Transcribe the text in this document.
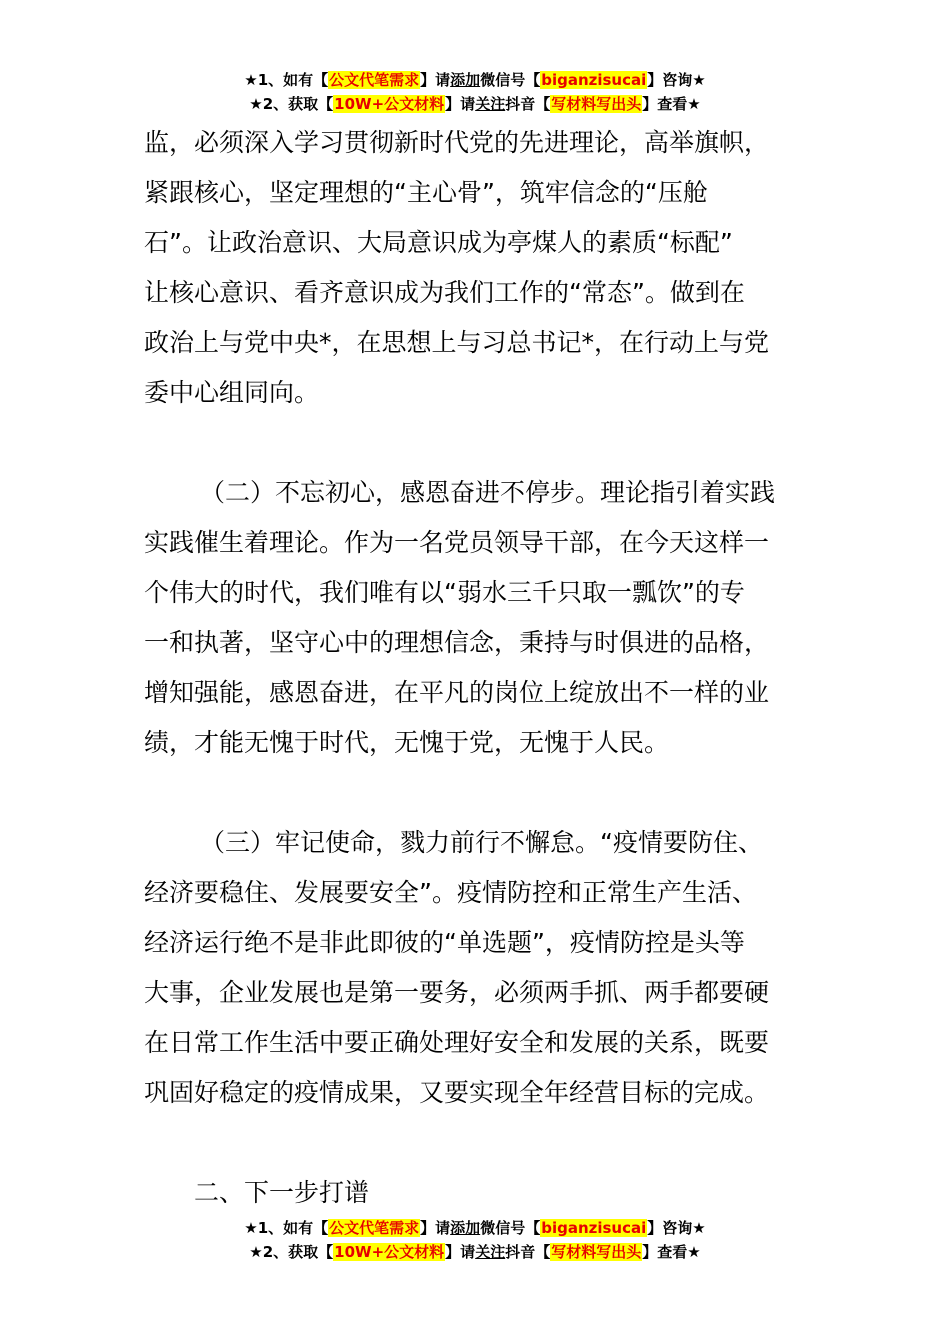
★1、如有【公文代笔需求】请添加微信号【biganzisucai】咨询★
★2、获取【10W+公文材料】请关注抖音【写材料写出头】查看★
监，必须深入学习贯彻新时代党的先进理论，高举旗帜，
紧跟核心，坚定理想的“主心骨”，筑牢信念的“压舱
石”。让政治意识、大局意识成为亭煤人的素质“标配”
让核心意识、看齐意识成为我们工作的“常态”。做到在
政治上与党中央*，在思想上与习总书记*，在行动上与党
委中心组同向。
（二）不忘初心，感恩奋进不停步。理论指引着实践
实践催生着理论。作为一名党员领导干部，在今天这样一
个伟大的时代，我们唯有以“弱水三千只取一瓢饮”的专
一和执著，坚守心中的理想信念，秉持与时俱进的品格，
增知强能，感恩奋进，在平凡的岗位上绽放出不一样的业
绩，才能无愧于时代，无愧于党，无愧于人民。
（三）牢记使命，戮力前行不懈怠。“疫情要防住、
经济要稳住、发展要安全”。疫情防控和正常生产生活、
经济运行绝不是非此即彼的“单选题”，疫情防控是头等
大事，企业发展也是第一要务，必须两手抓、两手都要硬
在日常工作生活中要正确处理好安全和发展的关系，既要
巩固好稳定的疫情成果，又要实现全年经营目标的完成。
二、下一步打谱
★1、如有【公文代笔需求】请添加微信号【biganzisucai】咨询★
★2、获取【10W+公文材料】请关注抖音【写材料写出头】查看★
